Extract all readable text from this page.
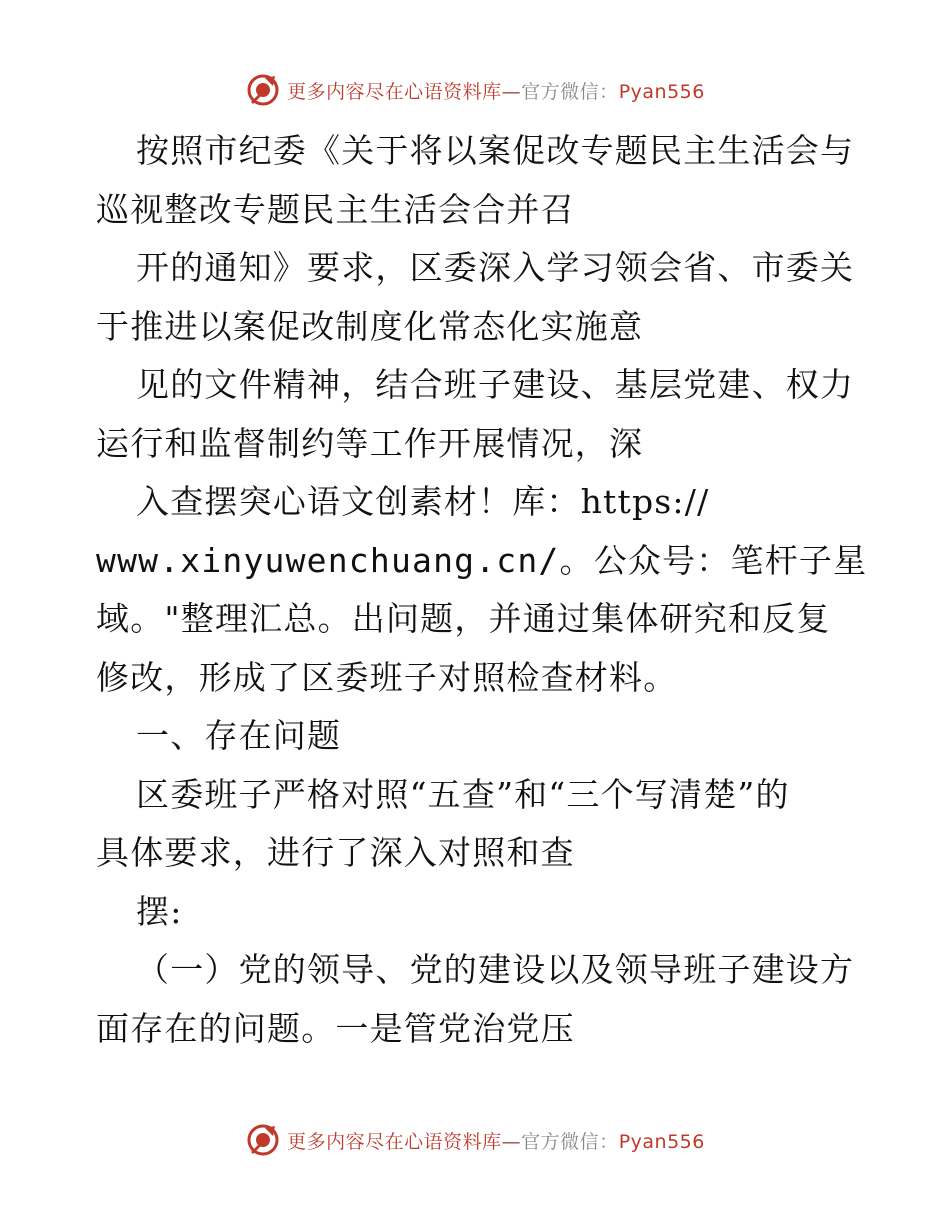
更多内容尽在心语资料库—官方微信：Pyan556
按照市纪委《关于将以案促改专题民主生活会与
巡视整改专题民主生活会合并召
开的通知》要求，区委深入学习领会省、市委关
于推进以案促改制度化常态化实施意
见的文件精神，结合班子建设、基层党建、权力
运行和监督制约等工作开展情况，深
入查摆突心语文创素材！库：https://
www.xinyuwenchuang.cn/。公众号：笔杆子星
域。"整理汇总。出问题，并通过集体研究和反复
修改，形成了区委班子对照检查材料。
一、存在问题
区委班子严格对照“五查”和“三个写清楚”的
具体要求，进行了深入对照和查
摆:
（一）党的领导、党的建设以及领导班子建设方
面存在的问题。一是管党治党压
更多内容尽在心语资料库—官方微信：Pyan556
